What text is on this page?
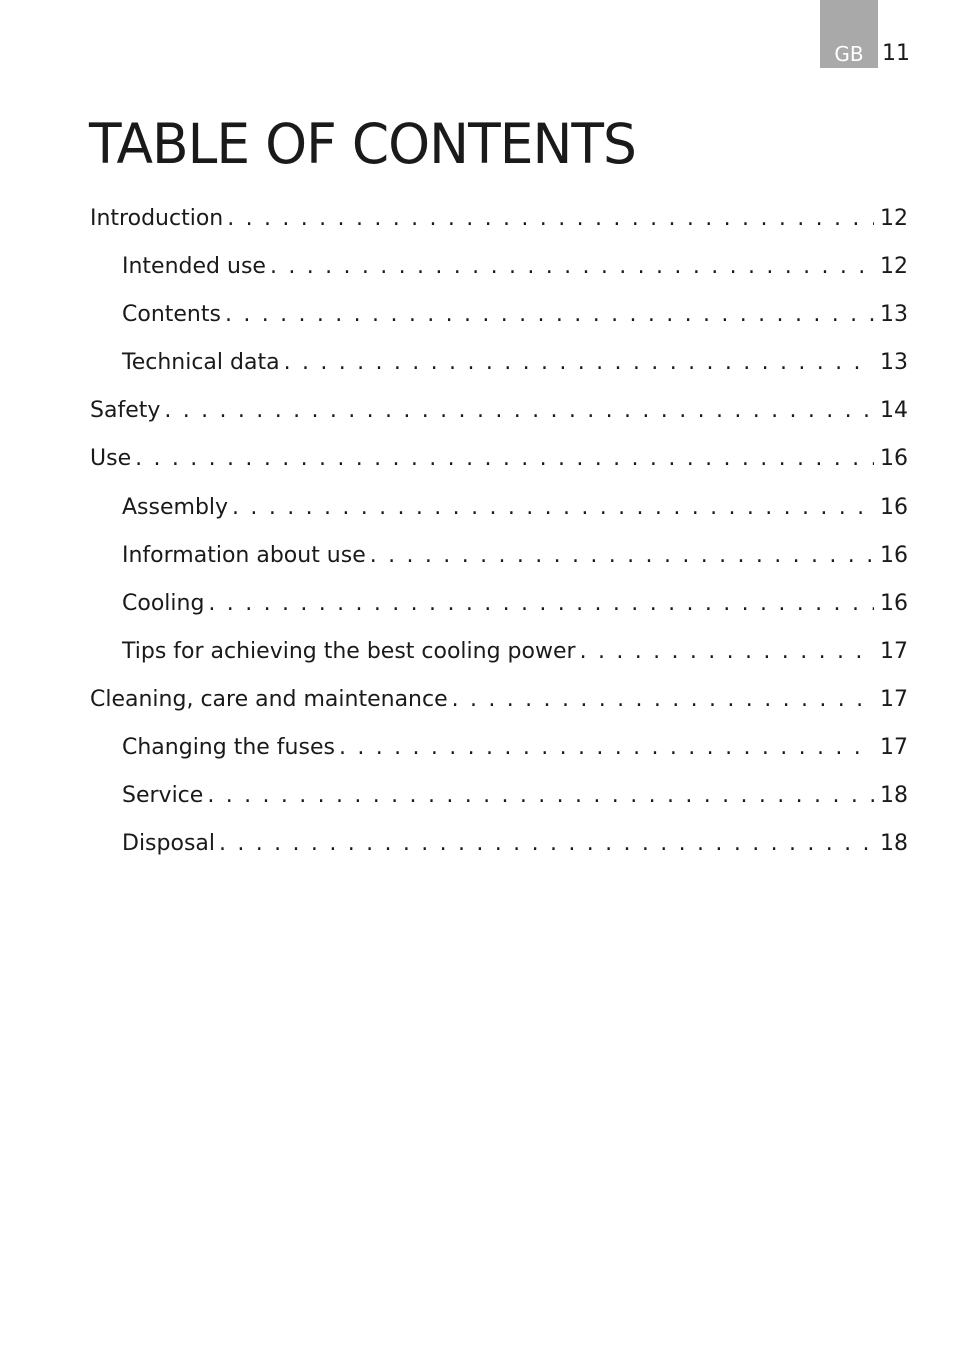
GB 11
TABLE OF CONTENTS
Introduction . . .	12
Intended use . . .	12
Contents . . .	13
Technical data . . .	13
Safety . . .	14
Use . . .	16
Assembly . . .	16
Information about use . . .	16
Cooling . . .	16
Tips for achieving the best cooling power . . .	17
Cleaning, care and maintenance . . .	17
Changing the fuses . . .	17
Service . . .	18
Disposal . . .	18
